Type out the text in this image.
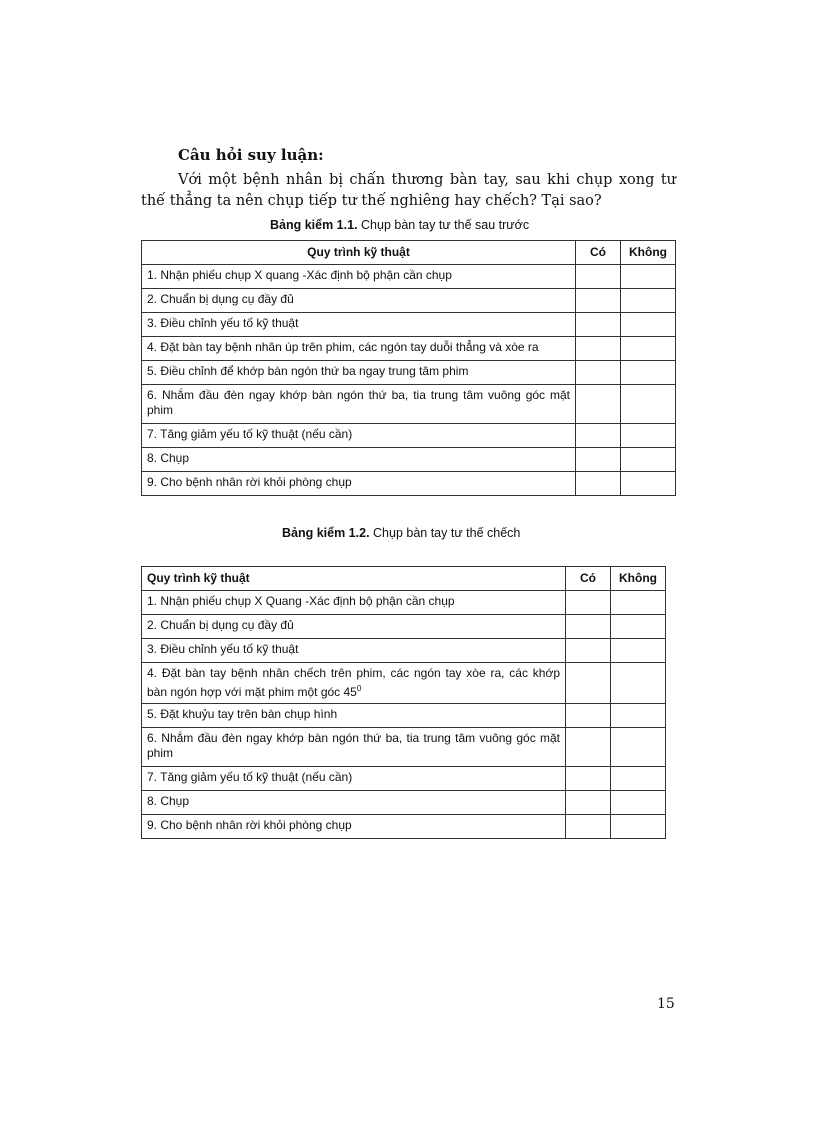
Câu hỏi suy luận:

Với một bệnh nhân bị chấn thương bàn tay, sau khi chụp xong tư thế thẳng ta nên chụp tiếp tư thế nghiêng hay chếch? Tại sao?

Bảng kiểm 1.1. Chụp bàn tay tư thế sau trước
Quy trình kỹ thuật	Có	Không
1. Nhận phiếu chụp X quang -Xác định bộ phận cần chụp		
2. Chuẩn bị dụng cụ đầy đủ		
3. Điều chỉnh yếu tố kỹ thuật		
4. Đặt bàn tay bệnh nhân úp trên phim, các ngón tay duỗi thẳng và xòe ra		
5. Điều chỉnh để khớp bàn ngón thứ ba ngay trung tâm phim		
6. Nhắm đầu đèn ngay khớp bàn ngón thứ ba, tia trung tâm vuông góc mặt phim		
7. Tăng giảm yếu tố kỹ thuật (nếu cần)		
8. Chụp		
9. Cho bệnh nhân rời khỏi phòng chụp		
Bảng kiểm 1.2. Chụp bàn tay tư thế chếch
Quy trình kỹ thuật	Có	Không
1. Nhận phiếu chụp X Quang -Xác định bộ phận cần chụp		
2. Chuẩn bị dụng cụ đầy đủ		
3. Điều chỉnh yếu tố kỹ thuật		
4. Đặt bàn tay bệnh nhân chếch trên phim, các ngón tay xòe ra, các khớp bàn ngón hợp với mặt phim một góc $45^0$		
5. Đặt khuỷu tay trên bàn chụp hình		
6. Nhắm đầu đèn ngay khớp bàn ngón thứ ba, tia trung tâm vuông góc mặt phim		
7. Tăng giảm yếu tố kỹ thuật (nếu cần)		
8. Chụp		
9. Cho bệnh nhân rời khỏi phòng chụp		
15
